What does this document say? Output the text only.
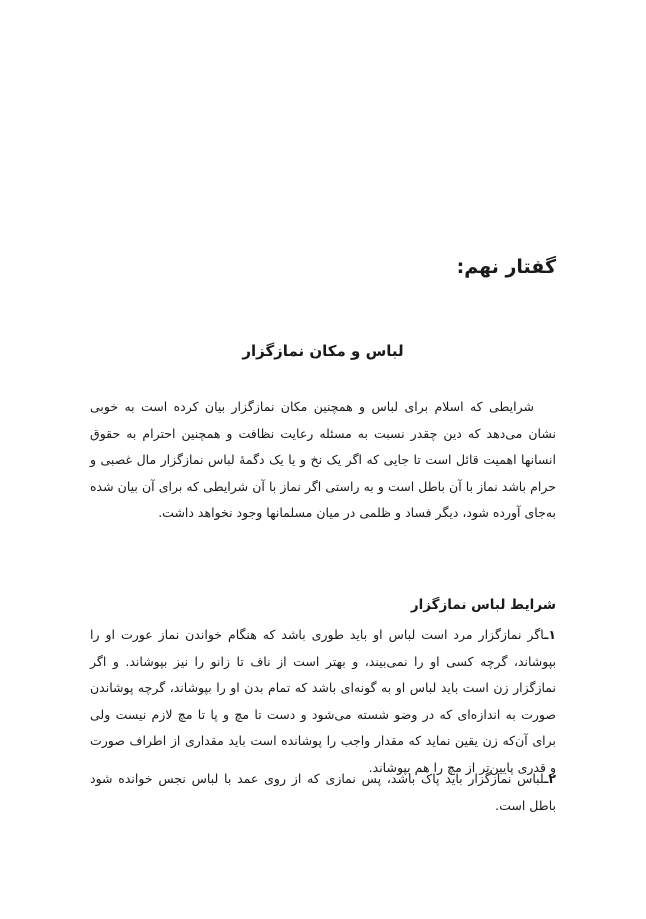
گفتار نهم:
لباس و مکان نمازگزار

شرایطی که اسلام برای لباس و همچنین مکان نمازگزار بیان کرده است به خوبی نشان می‌دهد که دین چقدر نسبت به مسئله رعایت نظافت و همچنین احترام به حقوق انسانها اهمیت قائل است تا جایی که اگر یک نخ و یا یک دگمهٔ لباس نمازگزار مال غصبی و حرام باشد نماز با آن باطل است و به راستی اگر نماز با آن شرایطی که برای آن بیان شده به‌جای آورده شود، دیگر فساد و ظلمی در میان مسلمانها وجود نخواهد داشت.

شرایط لباس نمازگزار

۱ـاگر نمازگزار مرد است لباس او باید طوری باشد که هنگام خواندن نماز عورت او را بپوشاند، گرچه کسی او را نمی‌بیند، و بهتر است از ناف تا زانو را نیز بپوشاند. و اگر نمازگزار زن است باید لباس او به گونه‌ای باشد که تمام بدن او را بپوشاند، گرچه پوشاندن صورت به اندازه‌ای که در وضو شسته می‌شود و دست تا مچ و پا تا مچ لازم نیست ولی برای آن‌که زن یقین نماید که مقدار واجب را پوشانده است باید مقداری از اطراف صورت و قدری پایین‌تر از مچ را هم بپوشاند.

۲ـلباس نمازگزار باید پاک باشد، پس نمازی که از روی عمد با لباس نجس خوانده شود باطل است.
